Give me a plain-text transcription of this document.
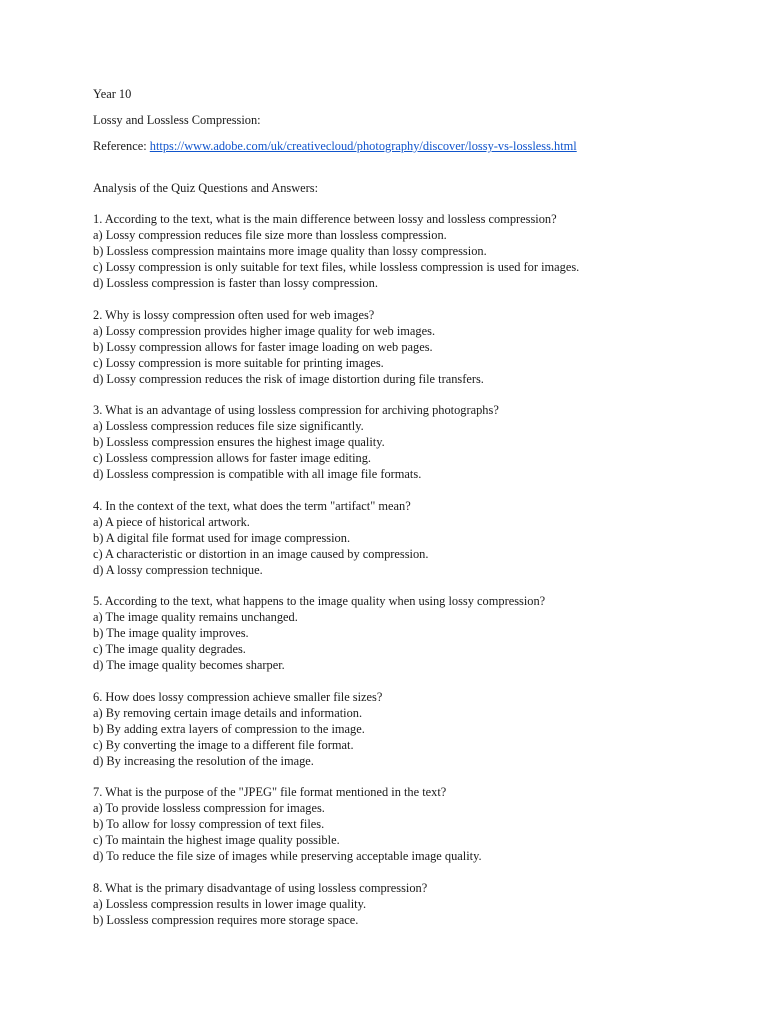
Year 10

Lossy and Lossless Compression:

Reference: https://www.adobe.com/uk/creativecloud/photography/discover/lossy-vs-lossless.html

Analysis of the Quiz Questions and Answers:

1. According to the text, what is the main difference between lossy and lossless compression?
a) Lossy compression reduces file size more than lossless compression.
b) Lossless compression maintains more image quality than lossy compression.
c) Lossy compression is only suitable for text files, while lossless compression is used for images.
d) Lossless compression is faster than lossy compression.
2. Why is lossy compression often used for web images?
a) Lossy compression provides higher image quality for web images.
b) Lossy compression allows for faster image loading on web pages.
c) Lossy compression is more suitable for printing images.
d) Lossy compression reduces the risk of image distortion during file transfers.
3. What is an advantage of using lossless compression for archiving photographs?
a) Lossless compression reduces file size significantly.
b) Lossless compression ensures the highest image quality.
c) Lossless compression allows for faster image editing.
d) Lossless compression is compatible with all image file formats.
4. In the context of the text, what does the term "artifact" mean?
a) A piece of historical artwork.
b) A digital file format used for image compression.
c) A characteristic or distortion in an image caused by compression.
d) A lossy compression technique.
5. According to the text, what happens to the image quality when using lossy compression?
a) The image quality remains unchanged.
b) The image quality improves.
c) The image quality degrades.
d) The image quality becomes sharper.
6. How does lossy compression achieve smaller file sizes?
a) By removing certain image details and information.
b) By adding extra layers of compression to the image.
c) By converting the image to a different file format.
d) By increasing the resolution of the image.
7. What is the purpose of the "JPEG" file format mentioned in the text?
a) To provide lossless compression for images.
b) To allow for lossy compression of text files.
c) To maintain the highest image quality possible.
d) To reduce the file size of images while preserving acceptable image quality.
8. What is the primary disadvantage of using lossless compression?
a) Lossless compression results in lower image quality.
b) Lossless compression requires more storage space.
